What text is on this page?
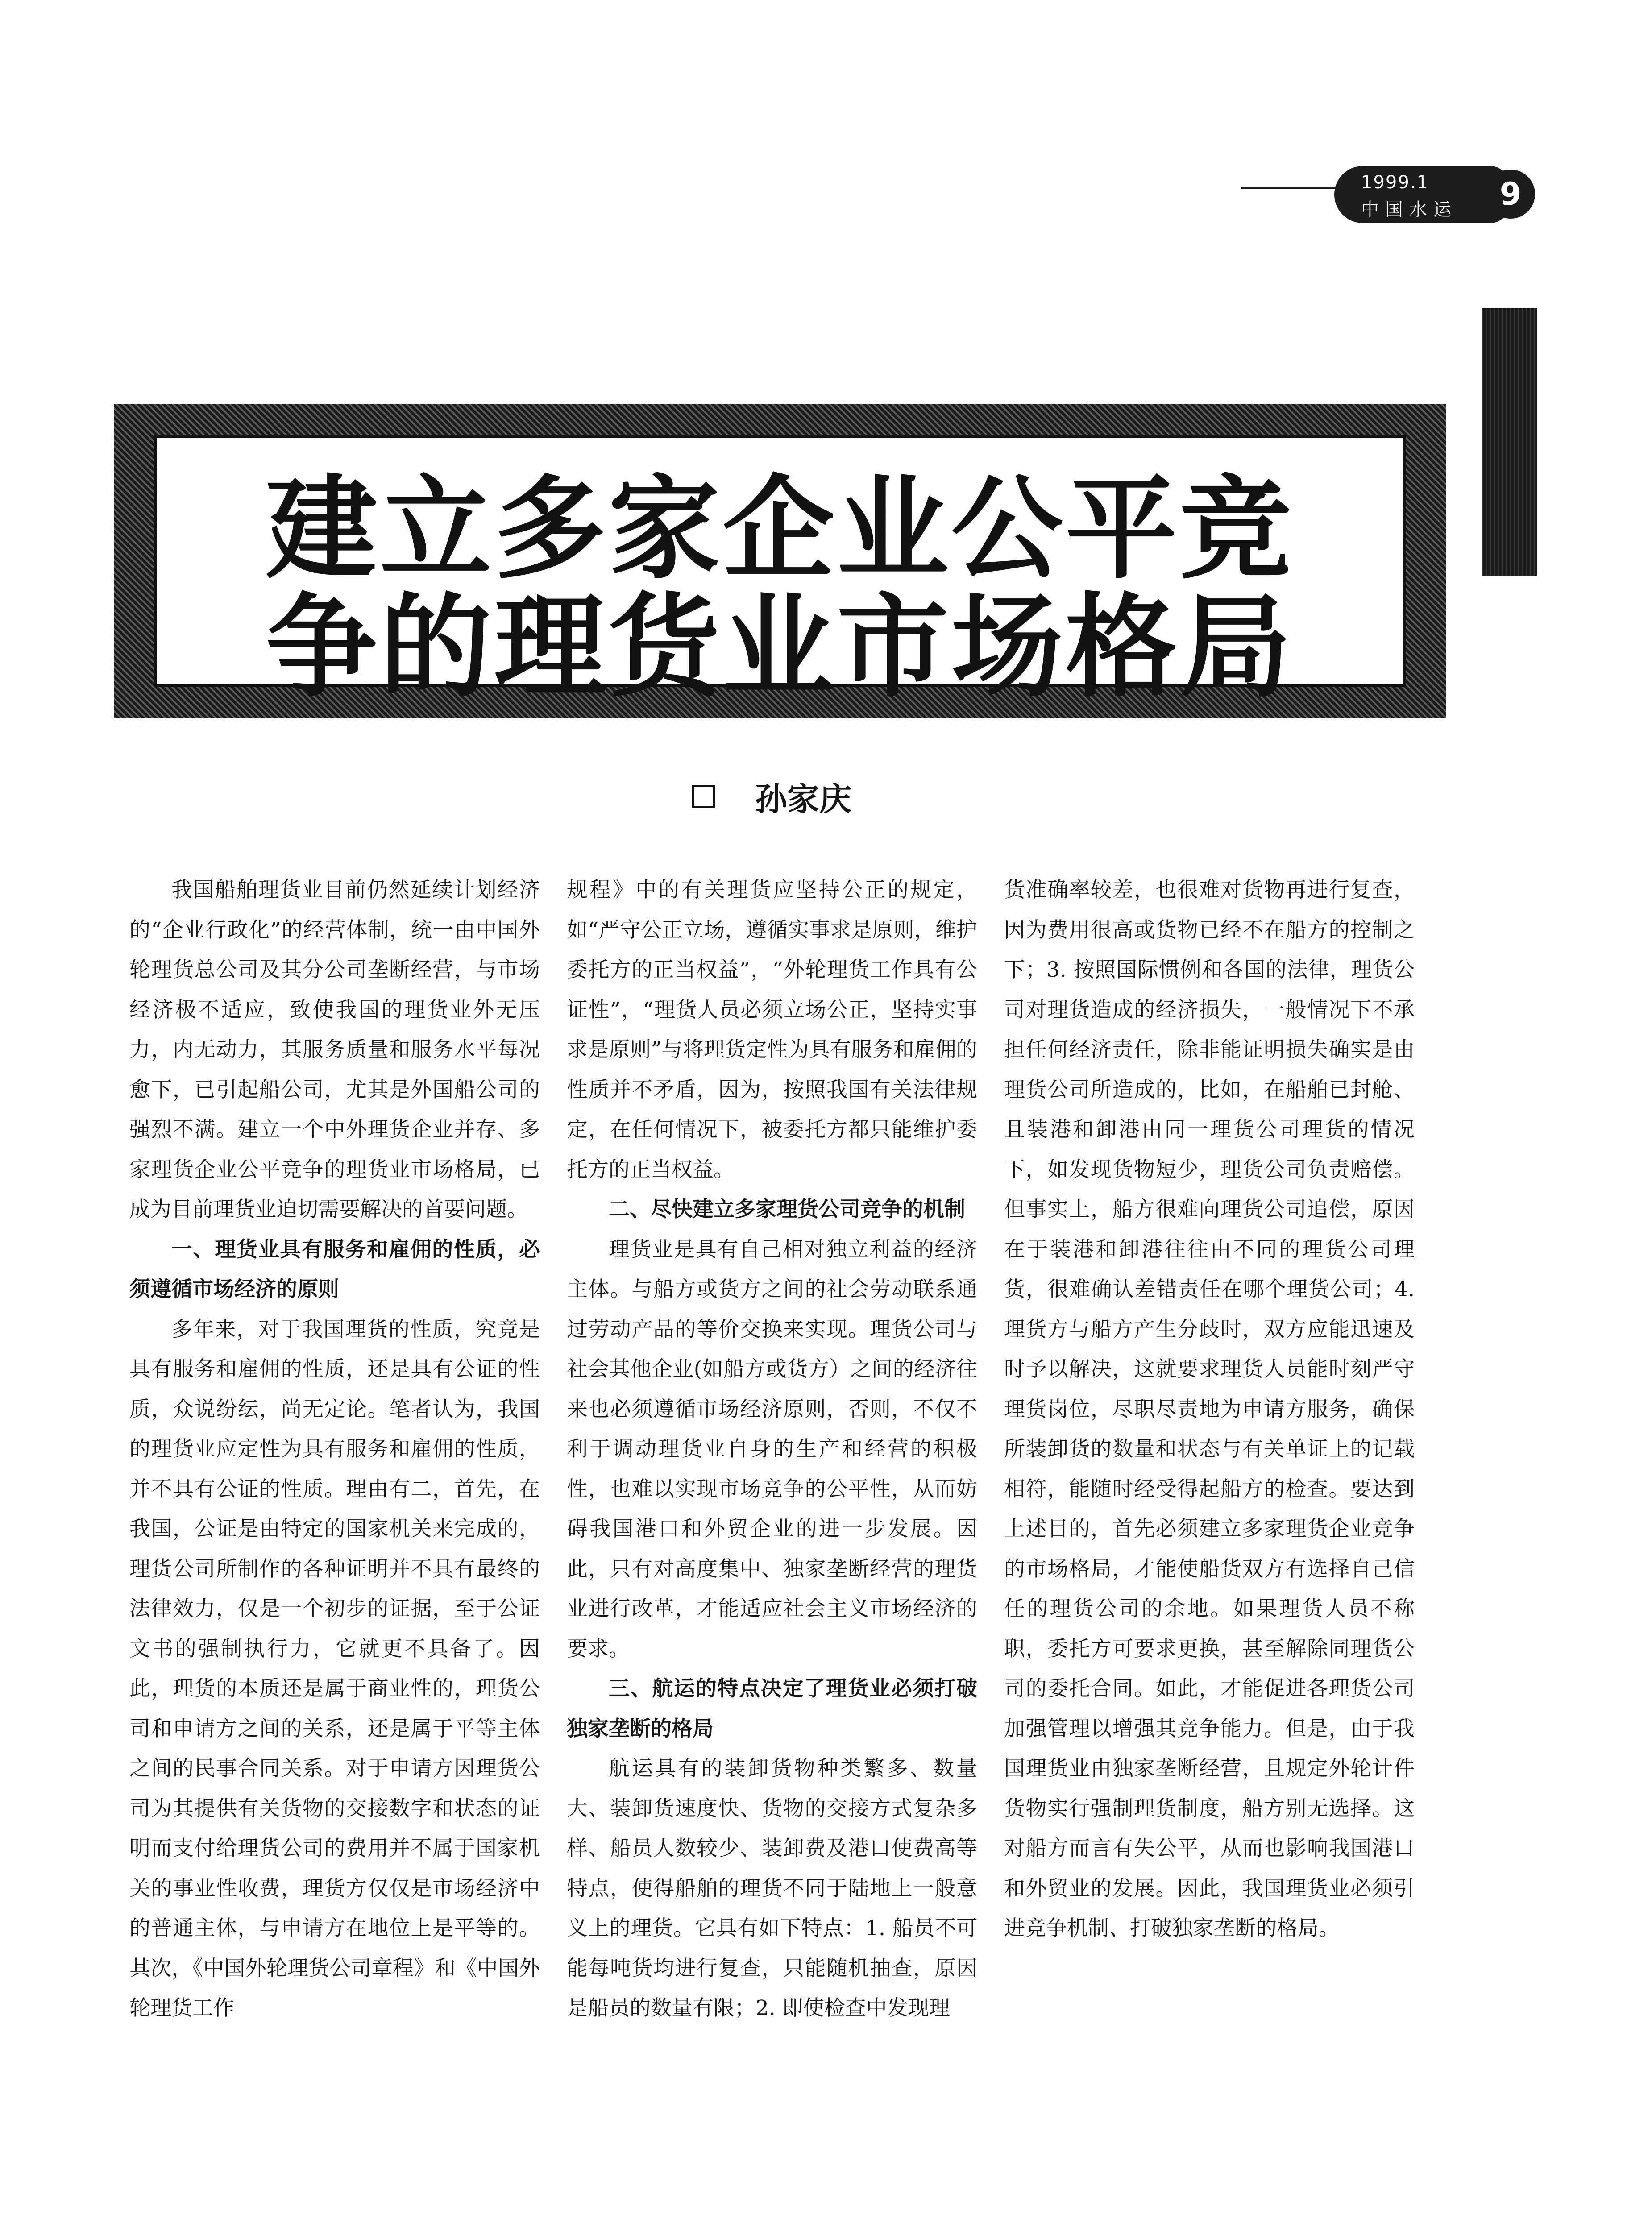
1999.1
中国水运	9
建立多家企业公平竞
争的理货业市场格局
孙家庆

我国船舶理货业目前仍然延续计划经济的“企业行政化”的经营体制，统一由中国外轮理货总公司及其分公司垄断经营，与市场经济极不适应，致使我国的理货业外无压力，内无动力，其服务质量和服务水平每况愈下，已引起船公司，尤其是外国船公司的强烈不满。建立一个中外理货企业并存、多家理货企业公平竞争的理货业市场格局，已成为目前理货业迫切需要解决的首要问题。

一、理货业具有服务和雇佣的性质，必须遵循市场经济的原则

多年来，对于我国理货的性质，究竟是具有服务和雇佣的性质，还是具有公证的性质，众说纷纭，尚无定论。笔者认为，我国的理货业应定性为具有服务和雇佣的性质，并不具有公证的性质。理由有二，首先，在我国，公证是由特定的国家机关来完成的，理货公司所制作的各种证明并不具有最终的法律效力，仅是一个初步的证据，至于公证文书的强制执行力，它就更不具备了。因此，理货的本质还是属于商业性的，理货公司和申请方之间的关系，还是属于平等主体之间的民事合同关系。对于申请方因理货公司为其提供有关货物的交接数字和状态的证明而支付给理货公司的费用并不属于国家机关的事业性收费，理货方仅仅是市场经济中的普通主体，与申请方在地位上是平等的。其次，《中国外轮理货公司章程》和《中国外轮理货工作

规程》中的有关理货应坚持公正的规定，如“严守公正立场，遵循实事求是原则，维护委托方的正当权益”，“外轮理货工作具有公证性”，“理货人员必须立场公正，坚持实事求是原则”与将理货定性为具有服务和雇佣的性质并不矛盾，因为，按照我国有关法律规定，在任何情况下，被委托方都只能维护委托方的正当权益。

二、尽快建立多家理货公司竞争的机制

理货业是具有自己相对独立利益的经济主体。与船方或货方之间的社会劳动联系通过劳动产品的等价交换来实现。理货公司与社会其他企业(如船方或货方）之间的经济往来也必须遵循市场经济原则，否则，不仅不利于调动理货业自身的生产和经营的积极性，也难以实现市场竞争的公平性，从而妨碍我国港口和外贸企业的进一步发展。因此，只有对高度集中、独家垄断经营的理货业进行改革，才能适应社会主义市场经济的要求。

三、航运的特点决定了理货业必须打破独家垄断的格局

航运具有的装卸货物种类繁多、数量大、装卸货速度快、货物的交接方式复杂多样、船员人数较少、装卸费及港口使费高等特点，使得船舶的理货不同于陆地上一般意义上的理货。它具有如下特点：1. 船员不可能每吨货均进行复查，只能随机抽查，原因是船员的数量有限；2. 即使检查中发现理

货准确率较差，也很难对货物再进行复查，因为费用很高或货物已经不在船方的控制之下；3. 按照国际惯例和各国的法律，理货公司对理货造成的经济损失，一般情况下不承担任何经济责任，除非能证明损失确实是由理货公司所造成的，比如，在船舶已封舱、且装港和卸港由同一理货公司理货的情况下，如发现货物短少，理货公司负责赔偿。但事实上，船方很难向理货公司追偿，原因在于装港和卸港往往由不同的理货公司理货，很难确认差错责任在哪个理货公司；4. 理货方与船方产生分歧时，双方应能迅速及时予以解决，这就要求理货人员能时刻严守理货岗位，尽职尽责地为申请方服务，确保所装卸货的数量和状态与有关单证上的记载相符，能随时经受得起船方的检查。要达到上述目的，首先必须建立多家理货企业竞争的市场格局，才能使船货双方有选择自己信任的理货公司的余地。如果理货人员不称职，委托方可要求更换，甚至解除同理货公司的委托合同。如此，才能促进各理货公司加强管理以增强其竞争能力。但是，由于我国理货业由独家垄断经营，且规定外轮计件货物实行强制理货制度，船方别无选择。这对船方而言有失公平，从而也影响我国港口和外贸业的发展。因此，我国理货业必须引进竞争机制、打破独家垄断的格局。
